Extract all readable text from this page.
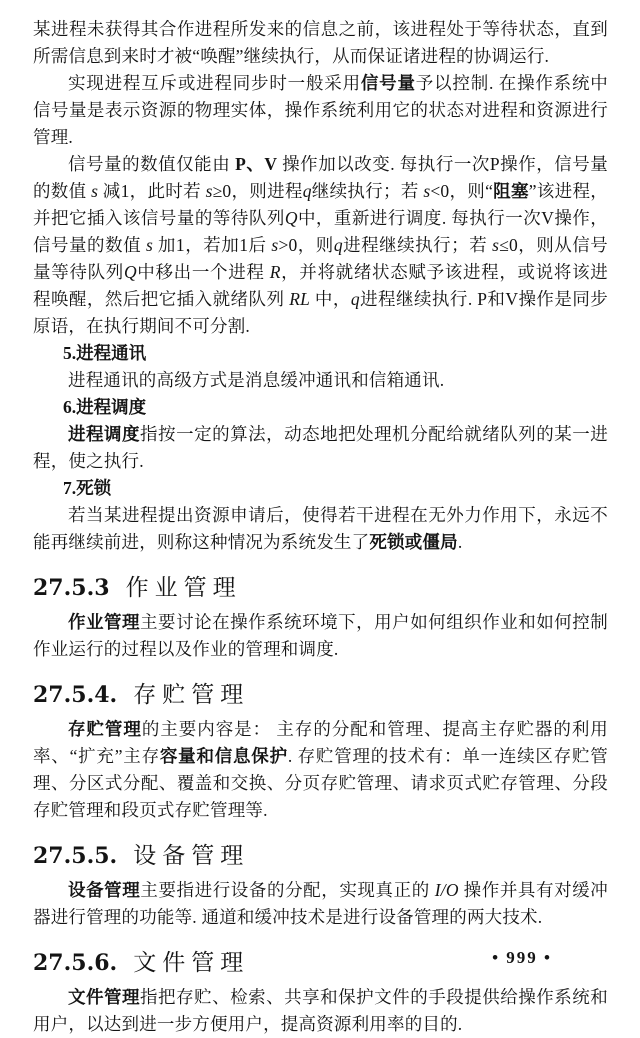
某进程未获得其合作进程所发来的信息之前，该进程处于等待状态，直到所需信息到来时才被“唤醒”继续执行，从而保证诸进程的协调运行.

实现进程互斥或进程同步时一般采用信号量予以控制. 在操作系统中信号量是表示资源的物理实体，操作系统利用它的状态对进程和资源进行管理.

信号量的数值仅能由 P、V 操作加以改变. 每执行一次P操作，信号量的数值 s 减1，此时若 s≥0，则进程q继续执行；若 s<0，则“阻塞”该进程，并把它插入该信号量的等待队列Q中，重新进行调度. 每执行一次V操作，信号量的数值 s 加1，若加1后 s>0，则q进程继续执行；若 s≤0，则从信号量等待队列Q中移出一个进程 R，并将就绪状态赋予该进程，或说将该进程唤醒，然后把它插入就绪队列 RL 中，q进程继续执行. P和V操作是同步原语，在执行期间不可分割.

5.进程通讯

进程通讯的高级方式是消息缓冲通讯和信箱通讯.

6.进程调度

进程调度指按一定的算法，动态地把处理机分配给就绪队列的某一进程，使之执行.

7.死锁

若当某进程提出资源申请后，使得若干进程在无外力作用下，永远不能再继续前进，则称这种情况为系统发生了死锁或僵局.

27.5.3 作业管理

作业管理主要讨论在操作系统环境下，用户如何组织作业和如何控制作业运行的过程以及作业的管理和调度.

27.5.4. 存贮管理

存贮管理的主要内容是： 主存的分配和管理、提高主存贮器的利用率、“扩充”主存容量和信息保护. 存贮管理的技术有：单一连续区存贮管理、分区式分配、覆盖和交换、分页存贮管理、请求页式贮存管理、分段存贮管理和段页式存贮管理等.

27.5.5. 设备管理

设备管理主要指进行设备的分配，实现真正的 I/O 操作并具有对缓冲器进行管理的功能等. 通道和缓冲技术是进行设备管理的两大技术.

27.5.6. 文件管理

文件管理指把存贮、检索、共享和保护文件的手段提供给操作系统和用户，以达到进一步方便用户，提高资源利用率的目的.

• 999 •
